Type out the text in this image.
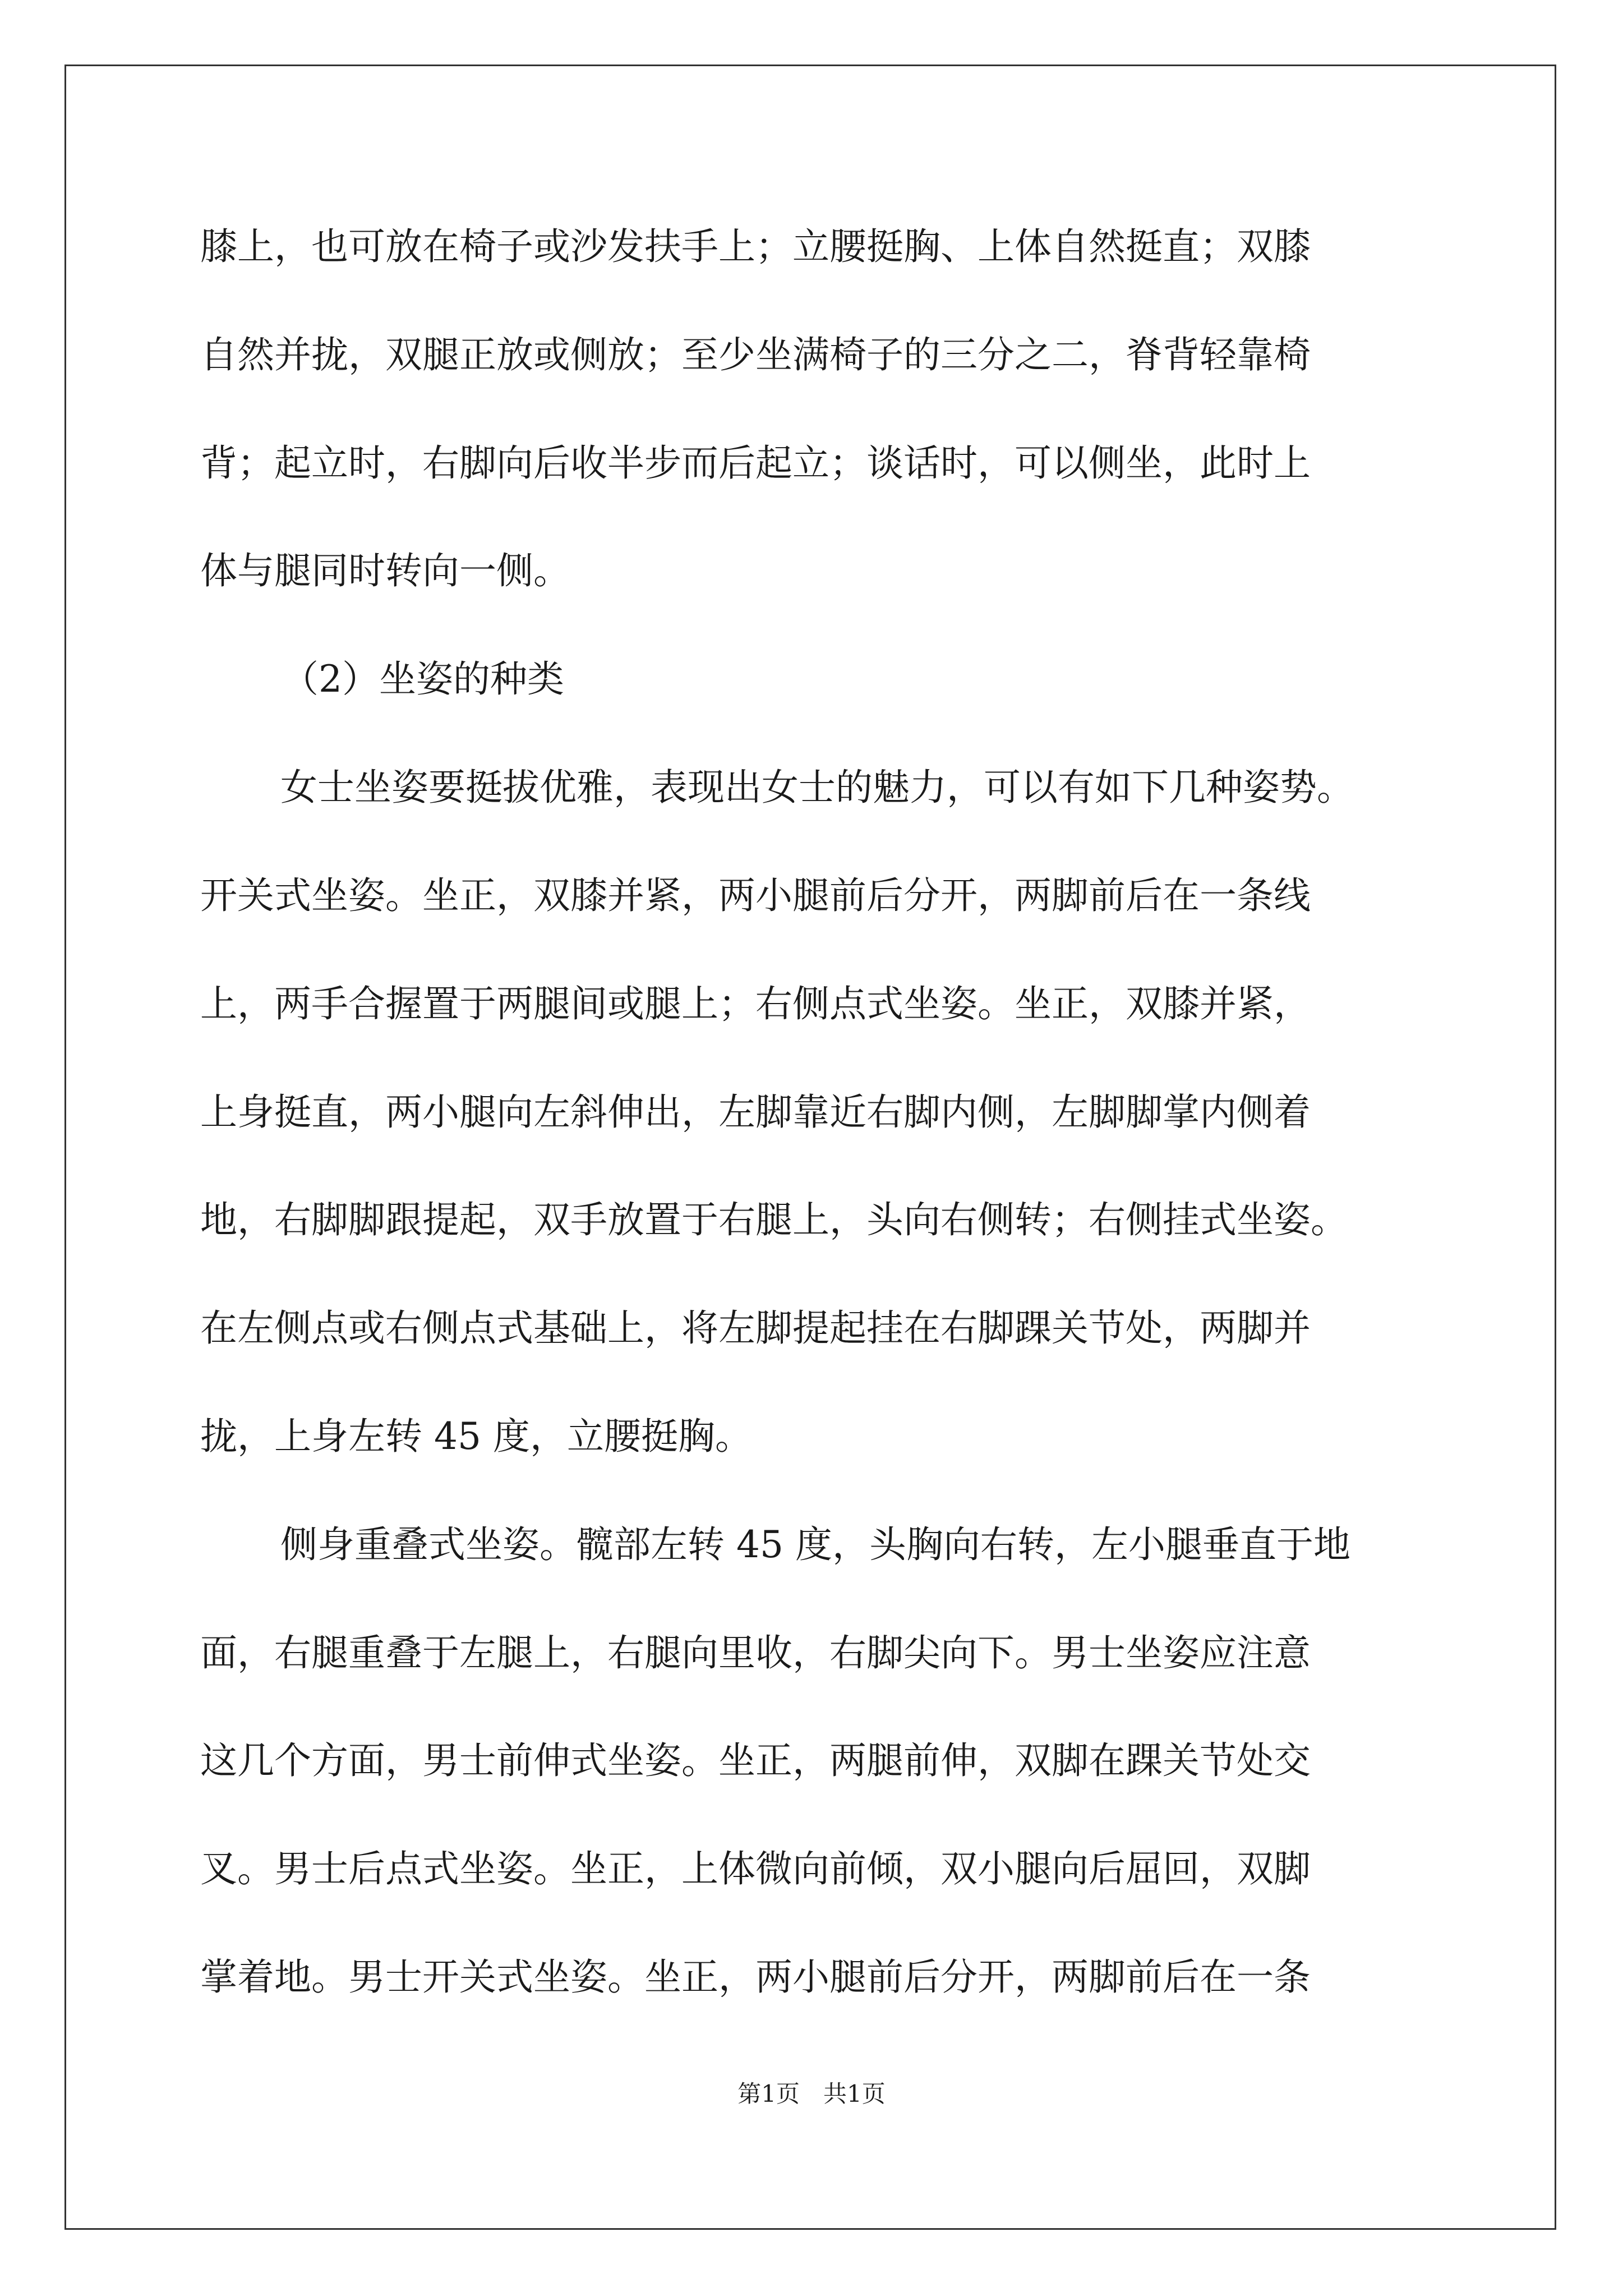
膝上，也可放在椅子或沙发扶手上；立腰挺胸、上体自然挺直；双膝
自然并拢，双腿正放或侧放；至少坐满椅子的三分之二，脊背轻靠椅
背；起立时，右脚向后收半步而后起立；谈话时，可以侧坐，此时上
体与腿同时转向一侧。
（2）坐姿的种类
女士坐姿要挺拔优雅，表现出女士的魅力，可以有如下几种姿势。
开关式坐姿。坐正，双膝并紧，两小腿前后分开，两脚前后在一条线
上，两手合握置于两腿间或腿上；右侧点式坐姿。坐正，双膝并紧，
上身挺直，两小腿向左斜伸出，左脚靠近右脚内侧，左脚脚掌内侧着
地，右脚脚跟提起，双手放置于右腿上，头向右侧转；右侧挂式坐姿。
在左侧点或右侧点式基础上，将左脚提起挂在右脚踝关节处，两脚并
拢，上身左转 45 度，立腰挺胸。
侧身重叠式坐姿。髋部左转 45 度，头胸向右转，左小腿垂直于地
面，右腿重叠于左腿上，右腿向里收，右脚尖向下。男士坐姿应注意
这几个方面，男士前伸式坐姿。坐正，两腿前伸，双脚在踝关节处交
叉。男士后点式坐姿。坐正，上体微向前倾，双小腿向后屈回，双脚
掌着地。男士开关式坐姿。坐正，两小腿前后分开，两脚前后在一条
第1页　共1页
